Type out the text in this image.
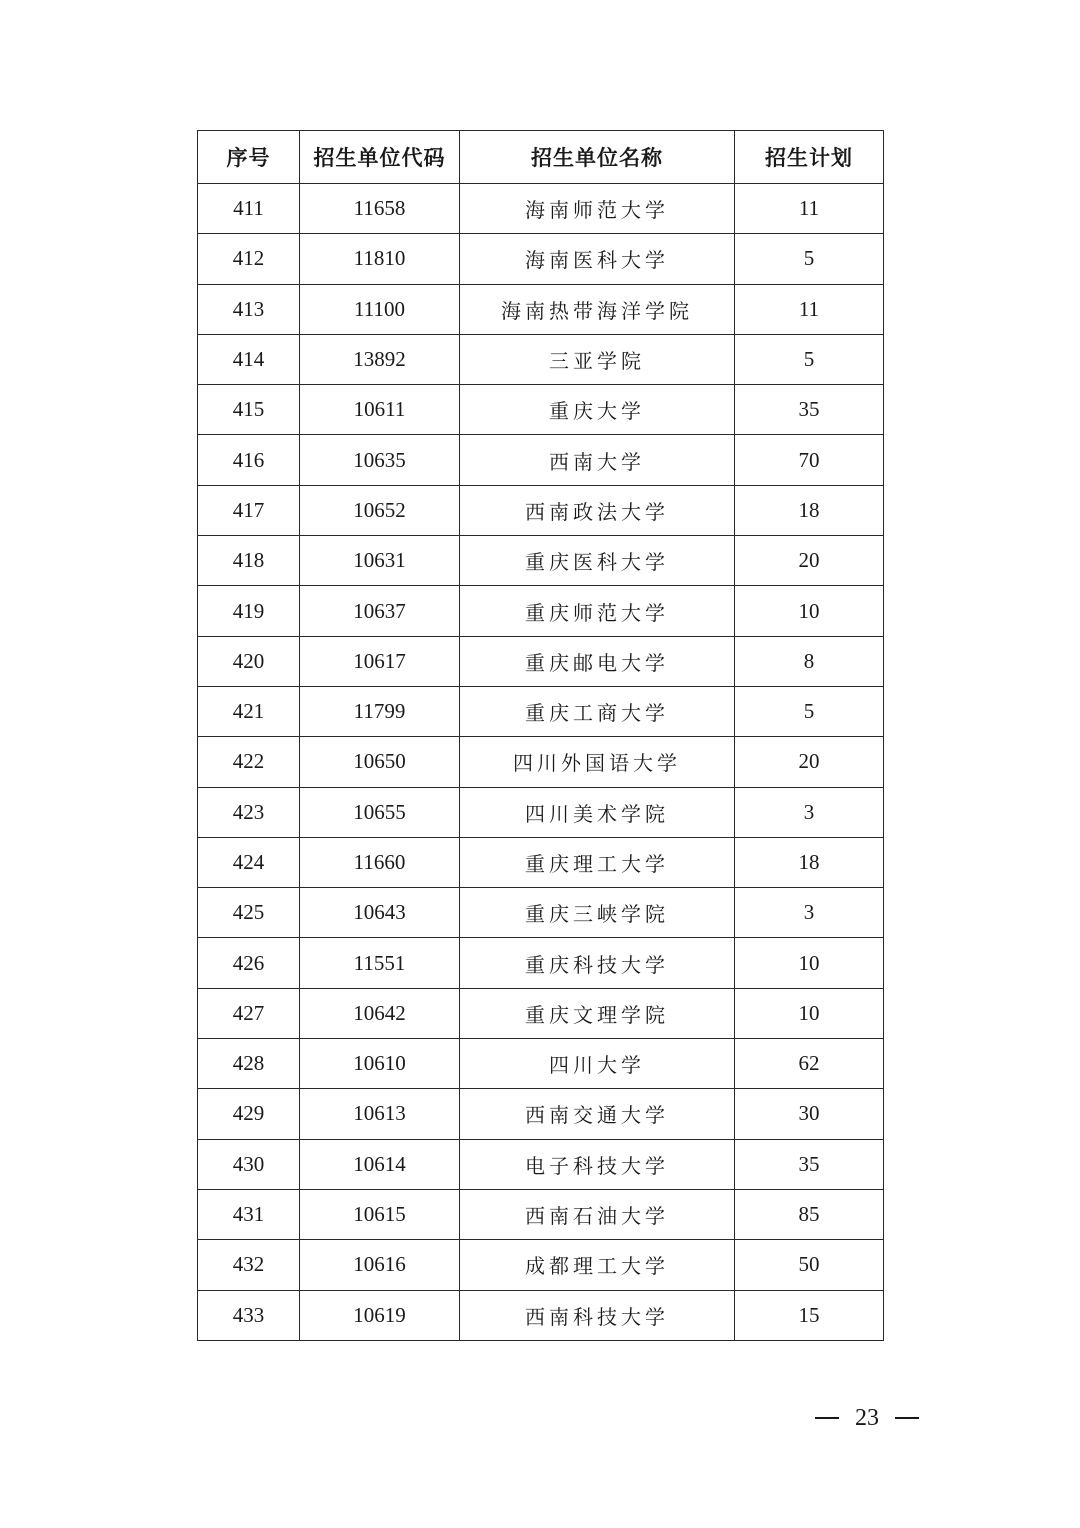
序号	招生单位代码	招生单位名称	招生计划
411	11658	海南师范大学	11
412	11810	海南医科大学	5
413	11100	海南热带海洋学院	11
414	13892	三亚学院	5
415	10611	重庆大学	35
416	10635	西南大学	70
417	10652	西南政法大学	18
418	10631	重庆医科大学	20
419	10637	重庆师范大学	10
420	10617	重庆邮电大学	8
421	11799	重庆工商大学	5
422	10650	四川外国语大学	20
423	10655	四川美术学院	3
424	11660	重庆理工大学	18
425	10643	重庆三峡学院	3
426	11551	重庆科技大学	10
427	10642	重庆文理学院	10
428	10610	四川大学	62
429	10613	西南交通大学	30
430	10614	电子科技大学	35
431	10615	西南石油大学	85
432	10616	成都理工大学	50
433	10619	西南科技大学	15
23
